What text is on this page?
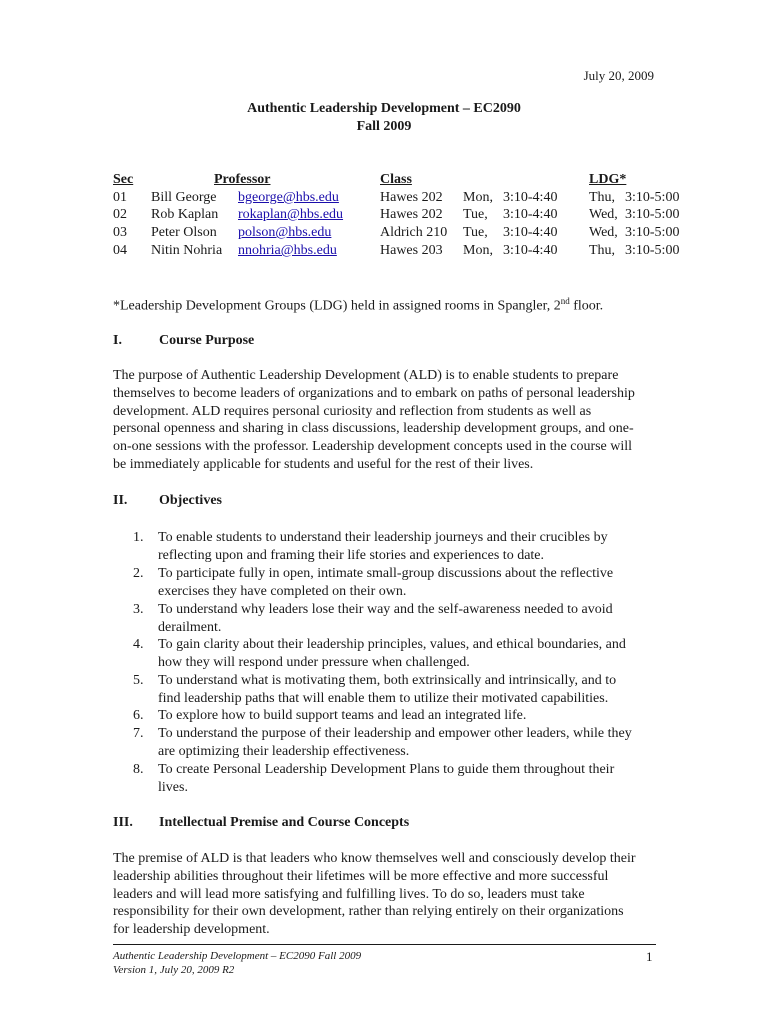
July 20, 2009
Authentic Leadership Development – EC2090
Fall 2009
Sec	Professor	Class	LDG*
01 Bill George bgeorge@hbs.edu	Hawes 202 Mon, 3:10-4:40 Thu, 3:10-5:00
02 Rob Kaplan rokaplan@hbs.edu	Hawes 202 Tue, 3:10-4:40 Wed, 3:10-5:00
03 Peter Olson polson@hbs.edu	Aldrich 210 Tue, 3:10-4:40 Wed, 3:10-5:00
04 Nitin Nohria nnohria@hbs.edu	Hawes 203 Mon, 3:10-4:40 Thu, 3:10-5:00
*Leadership Development Groups (LDG) held in assigned rooms in Spangler, 2nd floor.
I.	Course Purpose
The purpose of Authentic Leadership Development (ALD) is to enable students to prepare
themselves to become leaders of organizations and to embark on paths of personal leadership
development. ALD requires personal curiosity and reflection from students as well as
personal openness and sharing in class discussions, leadership development groups, and one-
on-one sessions with the professor. Leadership development concepts used in the course will
be immediately applicable for students and useful for the rest of their lives.
II. Objectives
1. To enable students to understand their leadership journeys and their crucibles by
reflecting upon and framing their life stories and experiences to date.
2. To participate fully in open, intimate small-group discussions about the reflective
exercises they have completed on their own.
3. To understand why leaders lose their way and the self-awareness needed to avoid
derailment.
4. To gain clarity about their leadership principles, values, and ethical boundaries, and
how they will respond under pressure when challenged.
5. To understand what is motivating them, both extrinsically and intrinsically, and to
find leadership paths that will enable them to utilize their motivated capabilities.
6. To explore how to build support teams and lead an integrated life.
7. To understand the purpose of their leadership and empower other leaders, while they
are optimizing their leadership effectiveness.
8. To create Personal Leadership Development Plans to guide them throughout their
lives.
III. Intellectual Premise and Course Concepts
The premise of ALD is that leaders who know themselves well and consciously develop their
leadership abilities throughout their lifetimes will be more effective and more successful
leaders and will lead more satisfying and fulfilling lives. To do so, leaders must take
responsibility for their own development, rather than relying entirely on their organizations
for leadership development.
Authentic Leadership Development – EC2090 Fall 2009
Version 1, July 20, 2009 R2
1
